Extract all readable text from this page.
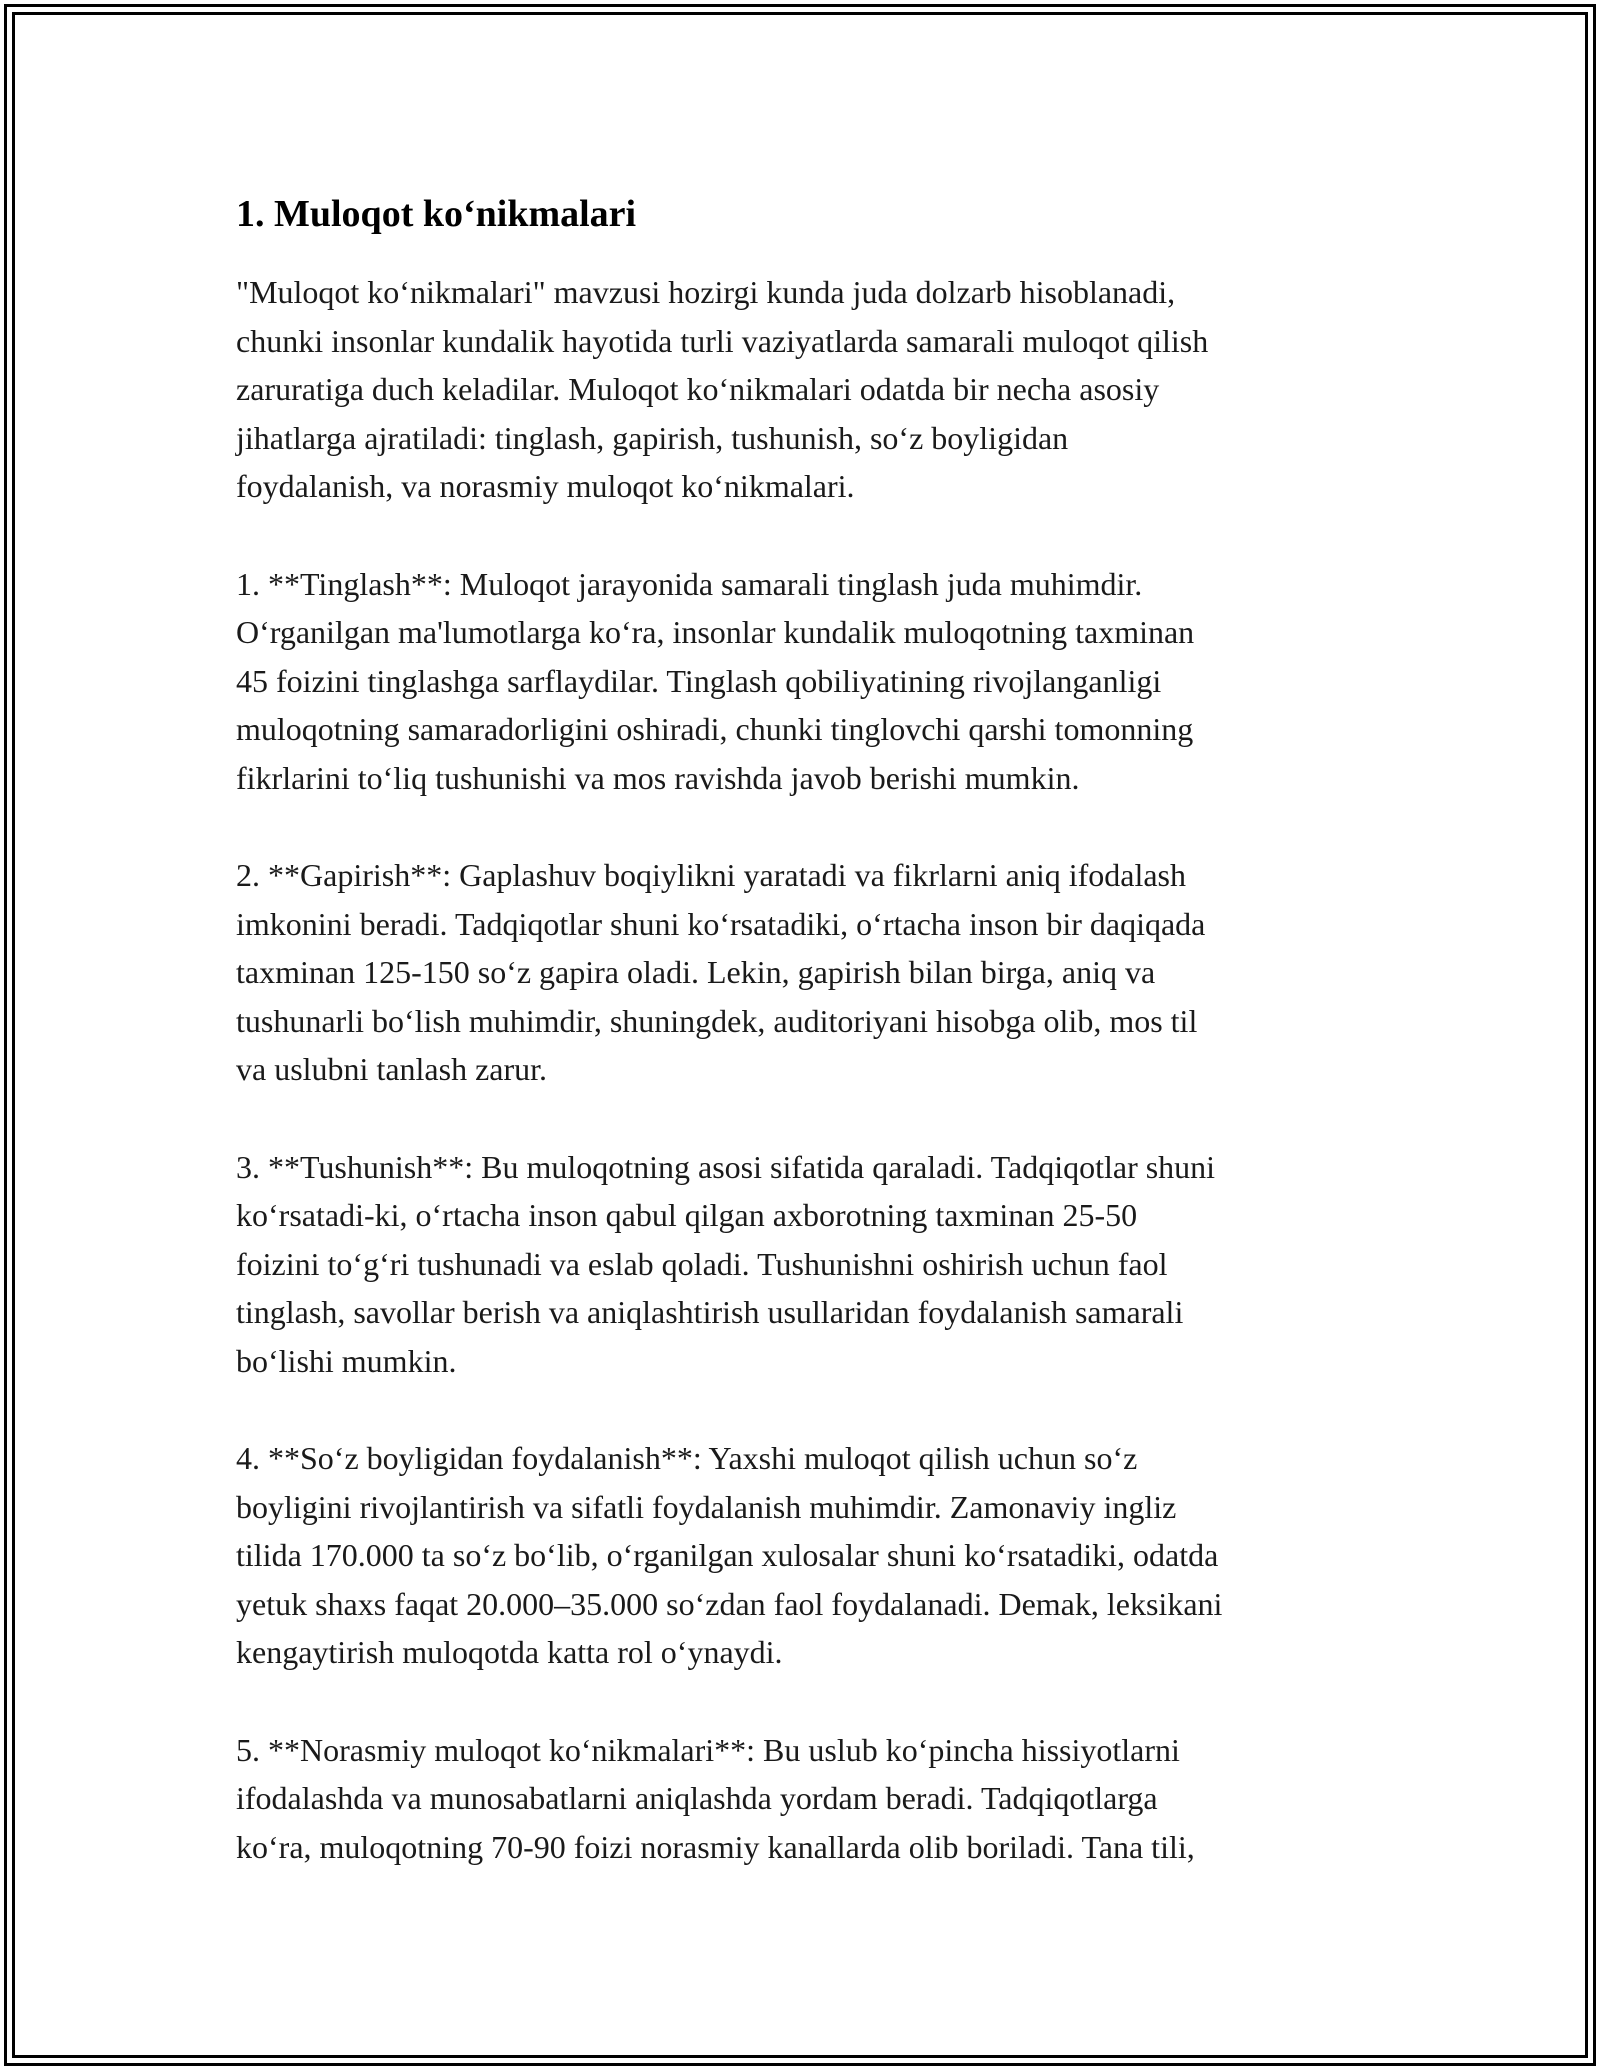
1. Muloqot ko‘nikmalari

"Muloqot ko‘nikmalari" mavzusi hozirgi kunda juda dolzarb hisoblanadi,
chunki insonlar kundalik hayotida turli vaziyatlarda samarali muloqot qilish
zaruratiga duch keladilar. Muloqot ko‘nikmalari odatda bir necha asosiy
jihatlarga ajratiladi: tinglash, gapirish, tushunish, so‘z boyligidan
foydalanish, va norasmiy muloqot ko‘nikmalari.

1. **Tinglash**: Muloqot jarayonida samarali tinglash juda muhimdir.
O‘rganilgan ma'lumotlarga ko‘ra, insonlar kundalik muloqotning taxminan
45 foizini tinglashga sarflaydilar. Tinglash qobiliyatining rivojlanganligi
muloqotning samaradorligini oshiradi, chunki tinglovchi qarshi tomonning
fikrlarini to‘liq tushunishi va mos ravishda javob berishi mumkin.

2. **Gapirish**: Gaplashuv boqiylikni yaratadi va fikrlarni aniq ifodalash
imkonini beradi. Tadqiqotlar shuni ko‘rsatadiki, o‘rtacha inson bir daqiqada
taxminan 125-150 so‘z gapira oladi. Lekin, gapirish bilan birga, aniq va
tushunarli bo‘lish muhimdir, shuningdek, auditoriyani hisobga olib, mos til
va uslubni tanlash zarur.

3. **Tushunish**: Bu muloqotning asosi sifatida qaraladi. Tadqiqotlar shuni
ko‘rsatadi-ki, o‘rtacha inson qabul qilgan axborotning taxminan 25-50
foizini to‘g‘ri tushunadi va eslab qoladi. Tushunishni oshirish uchun faol
tinglash, savollar berish va aniqlashtirish usullaridan foydalanish samarali
bo‘lishi mumkin.

4. **So‘z boyligidan foydalanish**: Yaxshi muloqot qilish uchun so‘z
boyligini rivojlantirish va sifatli foydalanish muhimdir. Zamonaviy ingliz
tilida 170.000 ta so‘z bo‘lib, o‘rganilgan xulosalar shuni ko‘rsatadiki, odatda
yetuk shaxs faqat 20.000–35.000 so‘zdan faol foydalanadi. Demak, leksikani
kengaytirish muloqotda katta rol o‘ynaydi.

5. **Norasmiy muloqot ko‘nikmalari**: Bu uslub ko‘pincha hissiyotlarni
ifodalashda va munosabatlarni aniqlashda yordam beradi. Tadqiqotlarga
ko‘ra, muloqotning 70-90 foizi norasmiy kanallarda olib boriladi. Tana tili,
